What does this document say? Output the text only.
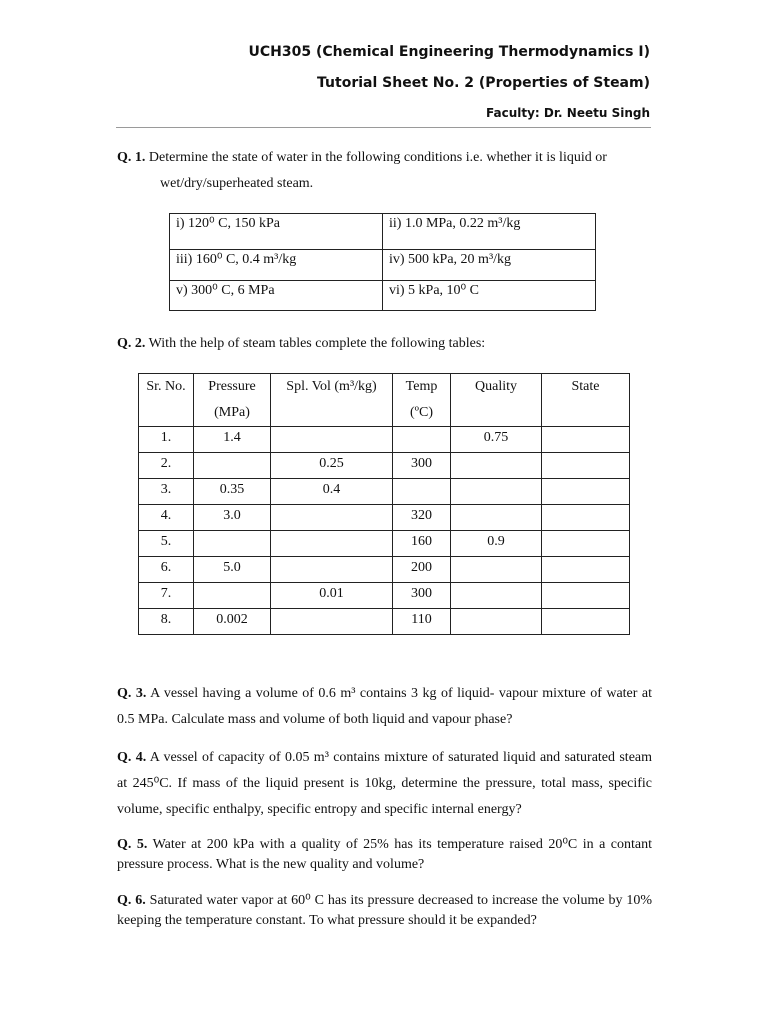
UCH305 (Chemical Engineering Thermodynamics I)
Tutorial Sheet No. 2 (Properties of Steam)
Faculty: Dr. Neetu Singh
Q. 1. Determine the state of water in the following conditions i.e. whether it is liquid or
wet/dry/superheated steam.
i) 120⁰ C, 150 kPa	ii) 1.0 MPa, 0.22 m³/kg
iii) 160⁰ C, 0.4 m³/kg	iv) 500 kPa, 20 m³/kg
v) 300⁰ C, 6 MPa	vi) 5 kPa, 10⁰ C
Q. 2. With the help of steam tables complete the following tables:
Sr. No.	Pressure (MPa)	Spl. Vol (m³/kg)	Temp (ºC)	Quality	State
1.	1.4			0.75	
2.		0.25	300		
3.	0.35	0.4			
4.	3.0		320		
5.			160	0.9	
6.	5.0		200		
7.		0.01	300		
8.	0.002		110		
Q. 3. A vessel having a volume of 0.6 m³ contains 3 kg of liquid- vapour mixture of water at 0.5 MPa. Calculate mass and volume of both liquid and vapour phase?
Q. 4. A vessel of capacity of 0.05 m³ contains mixture of saturated liquid and saturated steam at 245⁰C. If mass of the liquid present is 10kg, determine the pressure, total mass, specific volume, specific enthalpy, specific entropy and specific internal energy?
Q. 5. Water at 200 kPa with a quality of 25% has its temperature raised 20⁰C in a contant pressure process. What is the new quality and volume?
Q. 6. Saturated water vapor at 60⁰ C has its pressure decreased to increase the volume by 10% keeping the temperature constant. To what pressure should it be expanded?
